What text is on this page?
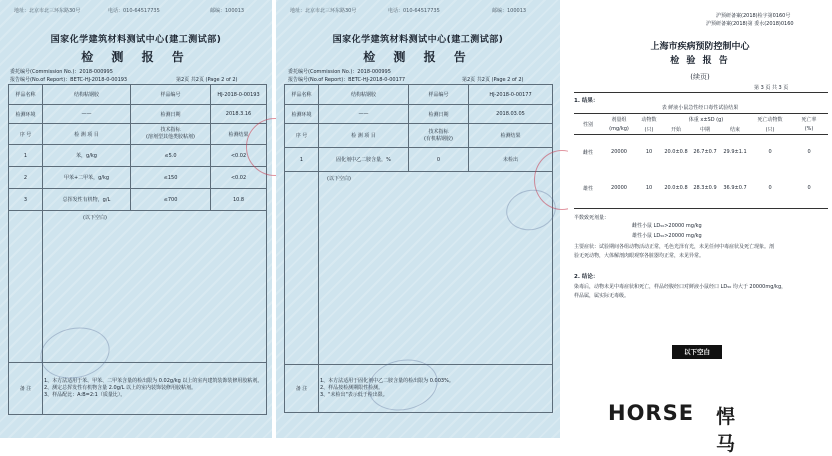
地址：北京市北三环东路30号	电话：010-64517735	邮编：100013
国家化学建筑材料测试中心(建工测试部)
检 测 报 告
委托编号(Commission No.)：2018-000995
报告编号(No.of Report)：BETC-HJ-2018-0-00193	第2页 共2页 (Page 2 of 2)
样品名称	结构粘钢胶	样品编号	HJ-2018-0-00193
检测环境	——	检测日期	2018.3.16
序 号	检 测 项 目	技术指标
(溶剂型其他类胶粘剂)	检测结果
1	苯，g/kg	≤5.0	<0.02
2	甲苯+二甲苯，g/kg	≤150	<0.02
3	总挥发性有机物，g/L	≤700	10.8
	(以下空白)		
备 注	1、本方法适用于苯、甲苯、二甲苯含量的检出限为 0.02g/kg 以上的室内建筑装饰装修用胶粘剂。
2、测定总挥发性有机物含量 2.0g/L 以上的室内装饰装修用胶粘剂。
3、样品配比：A:B=2:1（质量比）。		
地址：北京市北三环东路30号	电话：010-64517735	邮编：100013
国家化学建筑材料测试中心(建工测试部)
检 测 报 告
委托编号(Commission No.)：2018-000995
报告编号(No.of Report)：BETC-HJ-2018-0-00177	第2页 共2页 (Page 2 of 2)
样品名称	结构粘钢胶	样品编号	HJ-2018-0-00177
检测环境	——	检测日期	2018.03.05
序 号	检 测 项 目	技术指标
(有机粘钢胶)	检测结果
1	固化剂中乙二胺含量，%	0	未检出
	(以下空白)		
备 注	1、本方法适用于固化剂中乙二胺含量的检出限为 0.003%。
2、样品按检测期限性检测。
3、"未检出"表示低于检出限。		
沪预研备案(2018)检字第0160号
沪预研备案(2018)第 委水(2018)0160
上海市疾病预防控制中心
检 验 报 告
(续页)
第 3 页 共 3 页
1. 结果：
表 鲜液小鼠急性经口毒性试验结果
性别	剂量组	动物数	体重 x±SD (g)			死亡动物数	死亡率
	(mg/kg)	(只)	开始	中期	结束	(只)	(%)
雌性	20000	10	20.0±0.8	26.7±0.7	29.9±1.1	0	0
雄性	20000	10	20.0±0.8	28.3±0.9	36.9±0.7	0	0
半数致死剂量：
雌性小鼠 LD₅₀>20000 mg/kg
雄性小鼠 LD₅₀>20000 mg/kg
主要症状：试验期间各组动物活动正常，毛色光泽有光，未见任何中毒症状及死亡现象。剖
验无死动物，大体解剖肉眼观察各脏器均正常，未见异常。
2. 结论：
染毒后，动物未见中毒症状和死亡，样品经腹经口对鲜液小鼠经口 LD₅₀ 均大于 20000mg/kg，
样品属，属实际无毒级。
以下空白
HORSE 悍马
